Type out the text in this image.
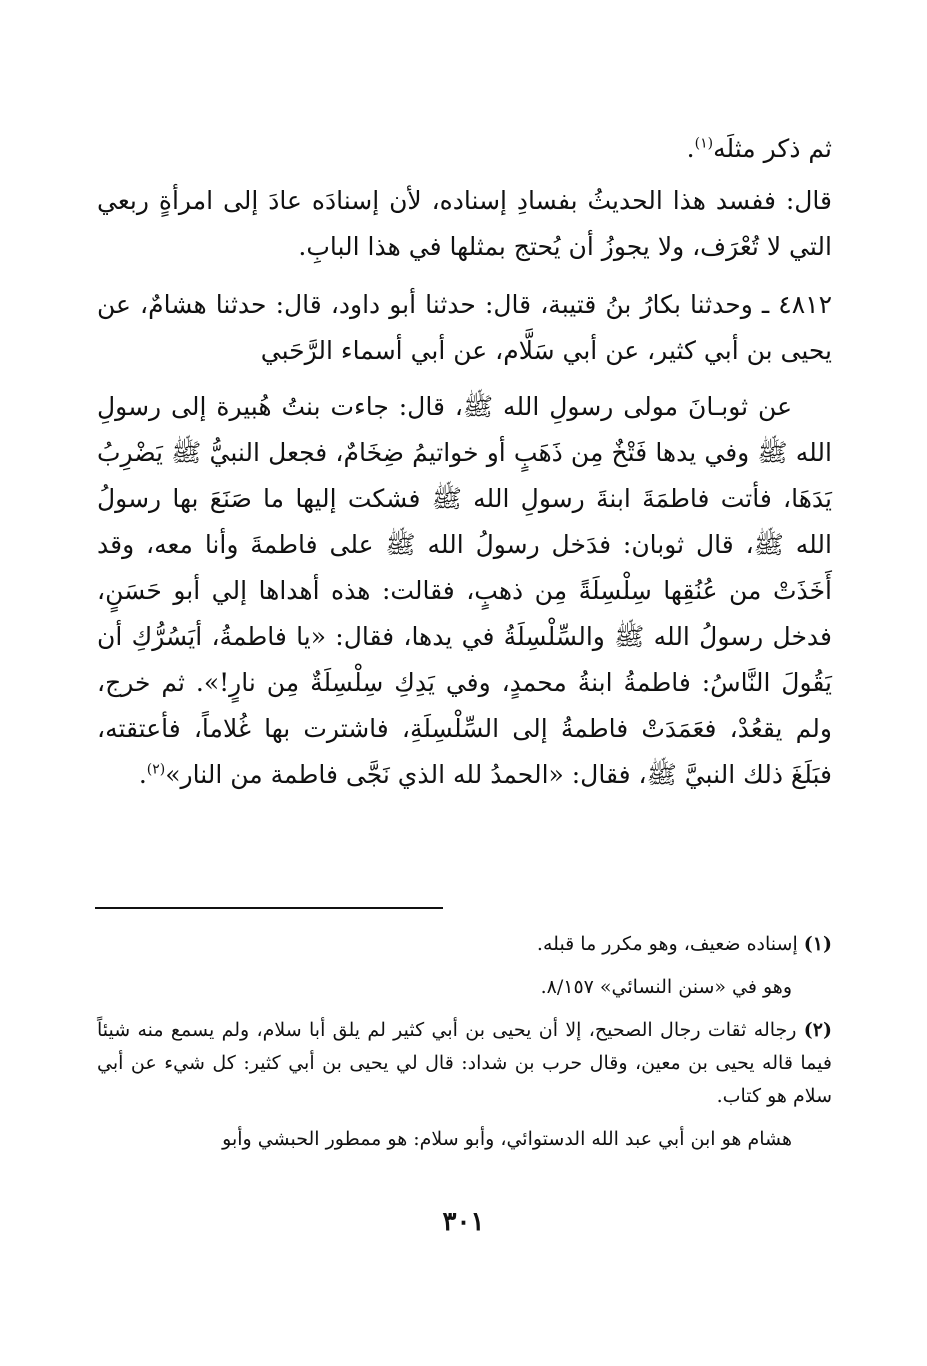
ثم ذكر مثلَه$^{(١)}$.

قال: ففسد هذا الحديثُ بفسادِ إسناده، لأن إسنادَه عادَ إلى امرأةٍ ربعي التي لا تُعْرَف، ولا يجوزُ أن يُحتج بمثلها في هذا البابِ.

٤٨١٢ ـ وحدثنا بكارُ بنُ قتيبة، قال: حدثنا أبو داود، قال: حدثنا هشامٌ، عن يحيى بن أبي كثير، عن أبي سَلَّام، عن أبي أسماء الرَّحَبي

عن ثوبـانَ مولى رسولِ الله ﷺ، قال: جاءت بنتُ هُبيرة إلى رسولِ الله ﷺ وفي يدها فَتْخٌ مِن ذَهَبٍ أو خواتيمُ ضِخَامٌ، فجعل النبيُّ ﷺ يَضْرِبُ يَدَهَا، فأتت فاطمَةَ ابنةَ رسولِ الله ﷺ فشكت إليها ما صَنَعَ بها رسولُ الله ﷺ، قال ثوبان: فدَخل رسولُ الله ﷺ على فاطمةَ وأنا معه، وقد أَخَذَتْ من عُنُقِها سِلْسِلَةً مِن ذهبٍ، فقالت: هذه أهداها إلي أبو حَسَنٍ، فدخل رسولُ الله ﷺ والسِّلْسِلَةُ في يدها، فقال: «يا فاطمةُ، أيَسُرُّكِ أن يَقُولَ النَّاسُ: فاطمةُ ابنةُ محمدٍ، وفي يَدِكِ سِلْسِلَةٌ مِن نارٍ!». ثم خرج، ولم يقعُدْ، فعَمَدَتْ فاطمةُ إلى السِّلْسِلَةِ، فاشترت بها غُلاماً، فأعتقته، فبَلَغَ ذلك النبيَّ ﷺ، فقال: «الحمدُ لله الذي نَجَّى فاطمة من النار»$^{(٢)}$.

(١) إسناده ضعيف، وهو مكرر ما قبله.

وهو في «سنن النسائي» ٨/١٥٧.

(٢) رجاله ثقات رجال الصحيح، إلا أن يحيى بن أبي كثير لم يلق أبا سلام، ولم يسمع منه شيئاً فيما قاله يحيى بن معين، وقال حرب بن شداد: قال لي يحيى بن أبي كثير: كل شيء عن أبي سلام هو كتاب.

هشام هو ابن أبي عبد الله الدستوائي، وأبو سلام: هو ممطور الحبشي وأبو

٣٠١
